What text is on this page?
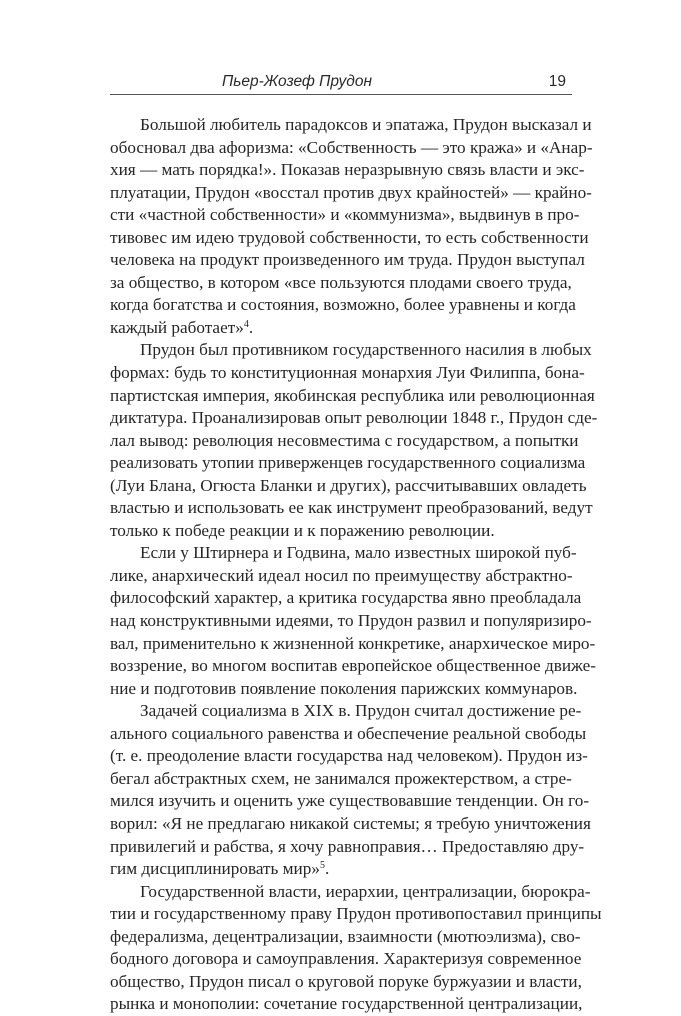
Пьер-Жозеф Прудон	19
Большой любитель парадоксов и эпатажа, Прудон высказал и
обосновал два афоризма: «Собственность — это кража» и «Анар-
хия — мать порядка!». Показав неразрывную связь власти и экс-
плуатации, Прудон «восстал против двух крайностей» — крайно-
сти «частной собственности» и «коммунизма», выдвинув в про-
тивовес им идею трудовой собственности, то есть собственности
человека на продукт произведенного им труда. Прудон выступал
за общество, в котором «все пользуются плодами своего труда,
когда богатства и состояния, возможно, более уравнены и когда
каждый работает»$^4$.
Прудон был противником государственного насилия в любых
формах: будь то конституционная монархия Луи Филиппа, бона-
партистская империя, якобинская республика или революционная
диктатура. Проанализировав опыт революции 1848 г., Прудон сде-
лал вывод: революция несовместима с государством, а попытки
реализовать утопии приверженцев государственного социализма
(Луи Блана, Огюста Бланки и других), рассчитывавших овладеть
властью и использовать ее как инструмент преобразований, ведут
только к победе реакции и к поражению революции.
Если у Штирнера и Годвина, мало известных широкой пуб-
лике, анархический идеал носил по преимуществу абстрактно-
философский характер, а критика государства явно преобладала
над конструктивными идеями, то Прудон развил и популяризиро-
вал, применительно к жизненной конкретике, анархическое миро-
воззрение, во многом воспитав европейское общественное движе-
ние и подготовив появление поколения парижских коммунаров.
Задачей социализма в XIX в. Прудон считал достижение ре-
ального социального равенства и обеспечение реальной свободы
(т. е. преодоление власти государства над человеком). Прудон из-
бегал абстрактных схем, не занимался прожектерством, а стре-
мился изучить и оценить уже существовавшие тенденции. Он го-
ворил: «Я не предлагаю никакой системы; я требую уничтожения
привилегий и рабства, я хочу равноправия… Предоставляю дру-
гим дисциплинировать мир»$^5$.
Государственной власти, иерархии, централизации, бюрокра-
тии и государственному праву Прудон противопоставил принципы
федерализма, децентрализации, взаимности (мютюэлизма), сво-
бодного договора и самоуправления. Характеризуя современное
общество, Прудон писал о круговой поруке буржуазии и власти,
рынка и монополии: сочетание государственной централизации,
